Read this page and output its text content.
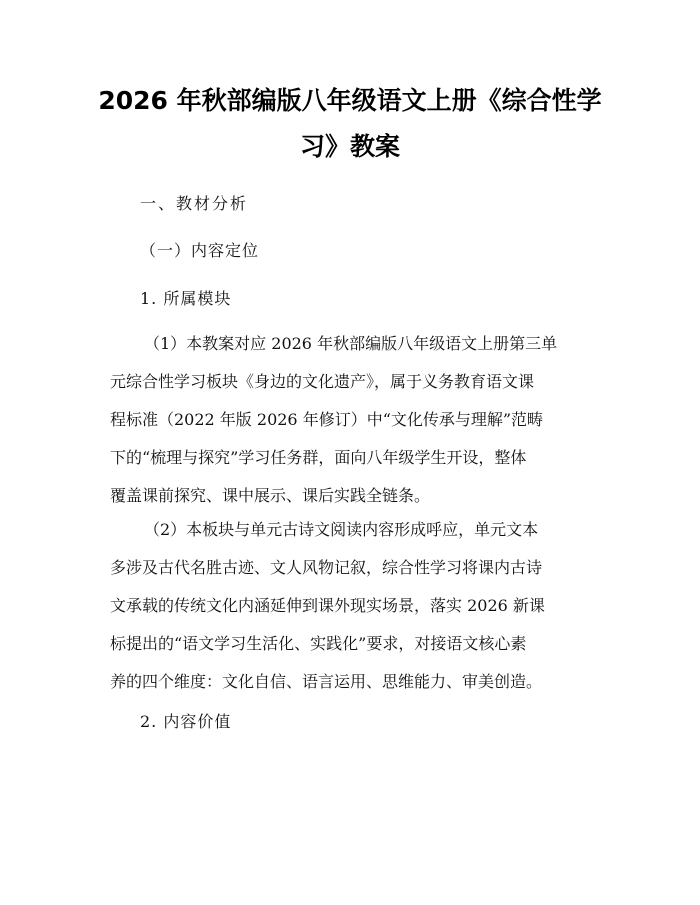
2026 年秋部编版八年级语文上册《综合性学
习》教案
一、教材分析
（一）内容定位
1. 所属模块
（1）本教案对应 2026 年秋部编版八年级语文上册第三单
元综合性学习板块《身边的文化遗产》，属于义务教育语文课
程标准（2022 年版 2026 年修订）中“文化传承与理解”范畴
下的“梳理与探究”学习任务群，面向八年级学生开设，整体
覆盖课前探究、课中展示、课后实践全链条。
（2）本板块与单元古诗文阅读内容形成呼应，单元文本
多涉及古代名胜古迹、文人风物记叙，综合性学习将课内古诗
文承载的传统文化内涵延伸到课外现实场景，落实 2026 新课
标提出的“语文学习生活化、实践化”要求，对接语文核心素
养的四个维度：文化自信、语言运用、思维能力、审美创造。
2. 内容价值
